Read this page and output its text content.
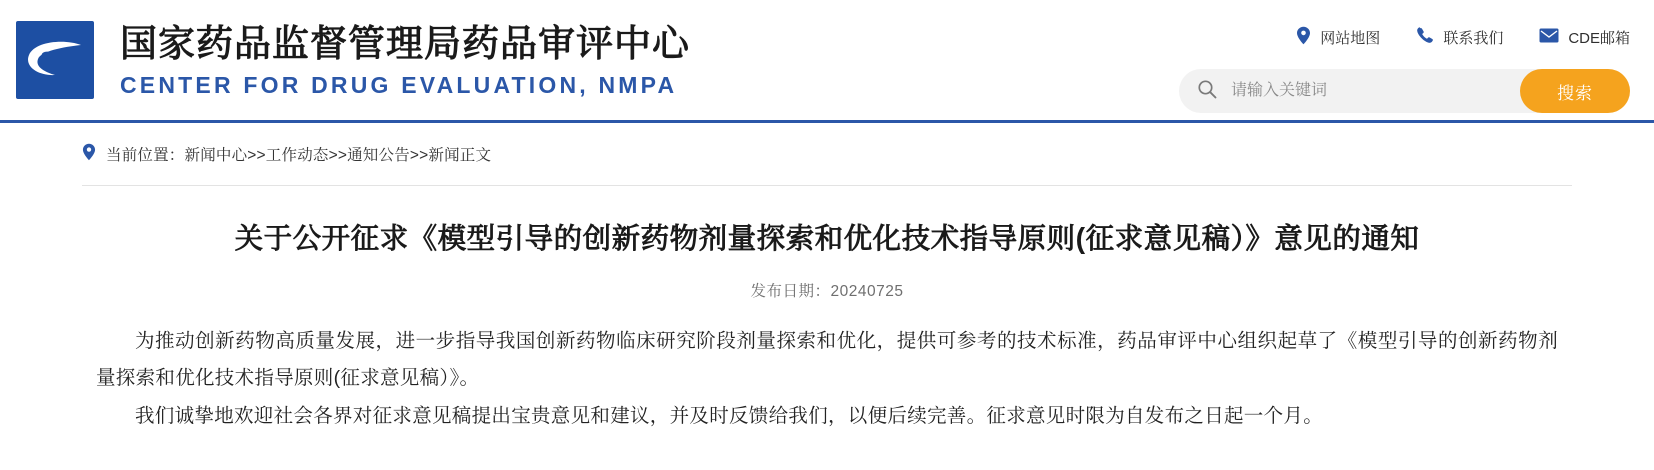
国家药品监督管理局药品审评中心
CENTER FOR DRUG EVALUATION, NMPA
网站地图	联系我们	CDE邮箱
请输入关键词
搜索
当前位置：新闻中心>>工作动态>>通知公告>>新闻正文
关于公开征求《模型引导的创新药物剂量探索和优化技术指导原则(征求意见稿）》意见的通知
发布日期：20240725

为推动创新药物高质量发展，进一步指导我国创新药物临床研究阶段剂量探索和优化，提供可参考的技术标准，药品审评中心组织起草了《模型引导的创新药物剂量探索和优化技术指导原则(征求意见稿）》。

我们诚挚地欢迎社会各界对征求意见稿提出宝贵意见和建议，并及时反馈给我们，以便后续完善。征求意见时限为自发布之日起一个月。
